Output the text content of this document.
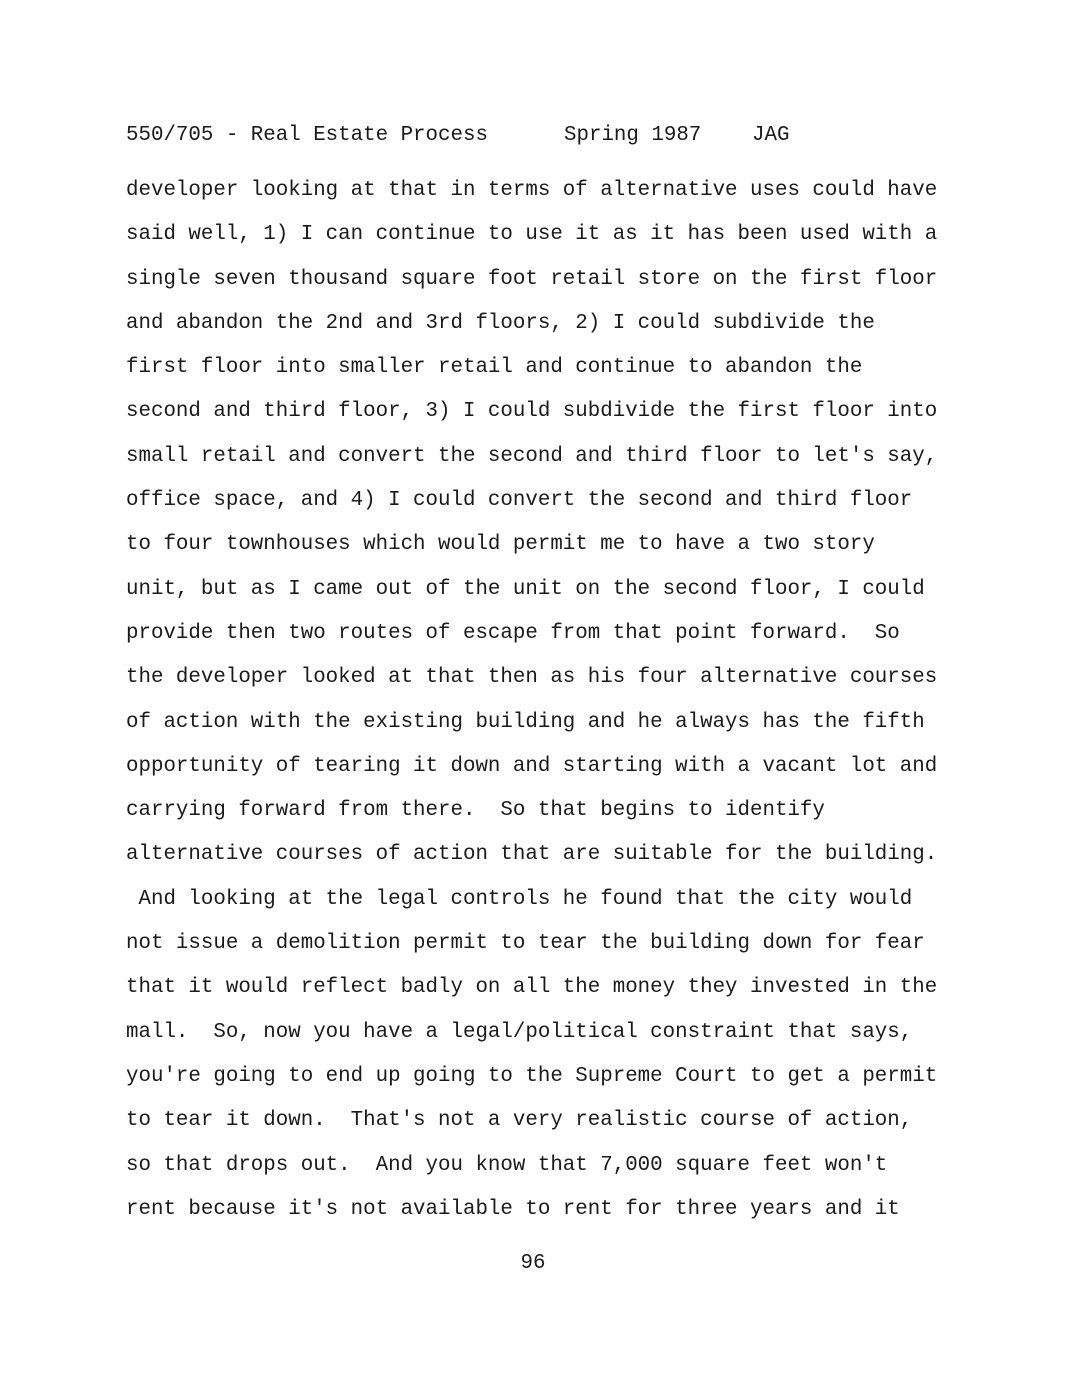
550/705 - Real Estate Process	Spring 1987 JAG
developer looking at that in terms of alternative uses could have
said well, 1) I can continue to use it as it has been used with a
single seven thousand square foot retail store on the first floor
and abandon the 2nd and 3rd floors, 2) I could subdivide the
first floor into smaller retail and continue to abandon the
second and third floor, 3) I could subdivide the first floor into
small retail and convert the second and third floor to let's say,
office space, and 4) I could convert the second and third floor
to four townhouses which would permit me to have a two story
unit, but as I came out of the unit on the second floor, I could
provide then two routes of escape from that point forward.  So
the developer looked at that then as his four alternative courses
of action with the existing building and he always has the fifth
opportunity of tearing it down and starting with a vacant lot and
carrying forward from there.  So that begins to identify
alternative courses of action that are suitable for the building.
And looking at the legal controls he found that the city would
not issue a demolition permit to tear the building down for fear
that it would reflect badly on all the money they invested in the
mall.  So, now you have a legal/political constraint that says,
you're going to end up going to the Supreme Court to get a permit
to tear it down.  That's not a very realistic course of action,
so that drops out.  And you know that 7,000 square feet won't
rent because it's not available to rent for three years and it
96
